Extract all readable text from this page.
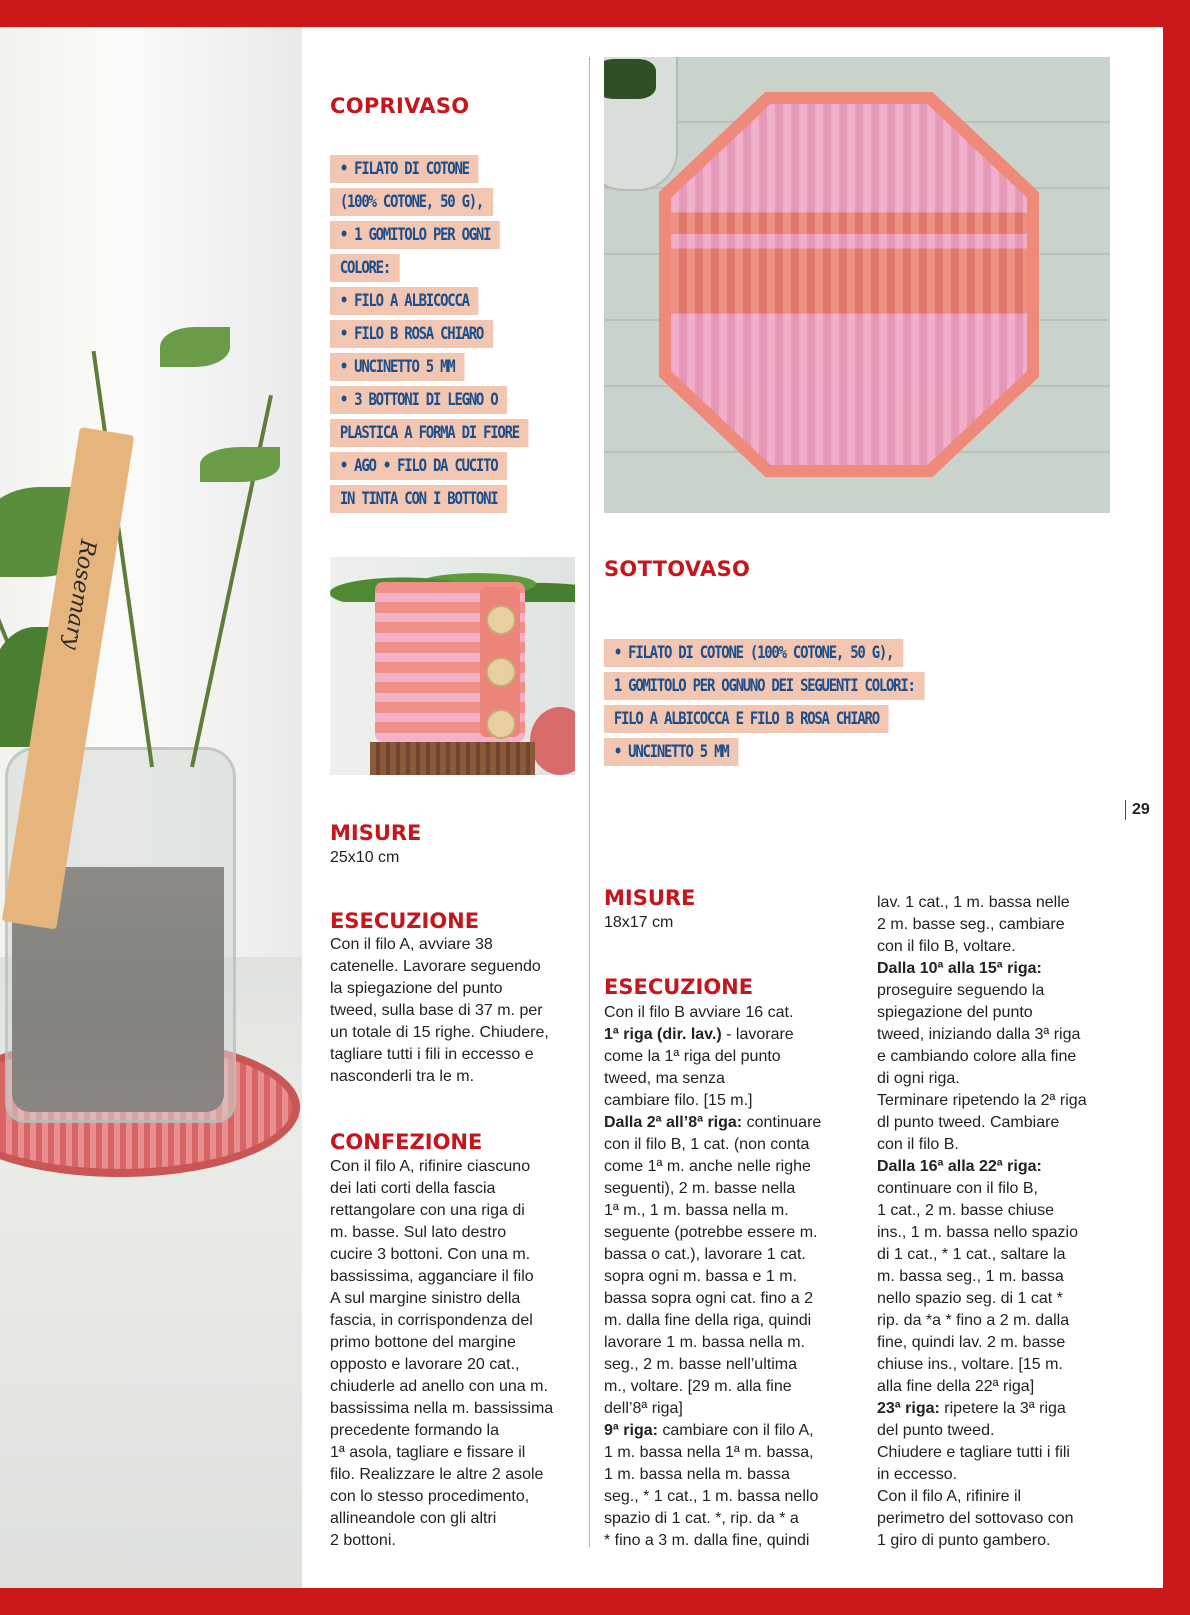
Rosemary
COPRIVASO
• FILATO DI COTONE
(100% COTONE, 50 G),
• 1 GOMITOLO PER OGNI
COLORE:
• FILO A ALBICOCCA
• FILO B ROSA CHIARO
• UNCINETTO 5 MM
• 3 BOTTONI DI LEGNO O
PLASTICA A FORMA DI FIORE
• AGO • FILO DA CUCITO
IN TINTA CON I BOTTONI
MISURE
25x10 cm
ESECUZIONE

Con il filo A, avviare 38

catenelle. Lavorare seguendo

la spiegazione del punto

tweed, sulla base di 37 m. per

un totale di 15 righe. Chiudere,

tagliare tutti i fili in eccesso e

nasconderli tra le m.

CONFEZIONE

Con il filo A, rifinire ciascuno

dei lati corti della fascia

rettangolare con una riga di

m. basse. Sul lato destro

cucire 3 bottoni. Con una m.

bassissima, agganciare il filo

A sul margine sinistro della

fascia, in corrispondenza del

primo bottone del margine

opposto e lavorare 20 cat.,

chiuderle ad anello con una m.

bassissima nella m. bassissima

precedente formando la

1ª asola, tagliare e fissare il

filo. Realizzare le altre 2 asole

con lo stesso procedimento,

allineandole con gli altri

2 bottoni.

SOTTOVASO
• FILATO DI COTONE (100% COTONE, 50 G),
1 GOMITOLO PER OGNUNO DEI SEGUENTI COLORI:
FILO A ALBICOCCA E FILO B ROSA CHIARO
• UNCINETTO 5 MM
MISURE
18x17 cm
ESECUZIONE

Con il filo B avviare 16 cat.

1ª riga (dir. lav.) - lavorare

come la 1ª riga del punto

tweed, ma senza

cambiare filo. [15 m.]

Dalla 2ª all’8ª riga: continuare

con il filo B, 1 cat. (non conta

come 1ª m. anche nelle righe

seguenti), 2 m. basse nella

1ª m., 1 m. bassa nella m.

seguente (potrebbe essere m.

bassa o cat.), lavorare 1 cat.

sopra ogni m. bassa e 1 m.

bassa sopra ogni cat. fino a 2

m. dalla fine della riga, quindi

lavorare 1 m. bassa nella m.

seg., 2 m. basse nell’ultima

m., voltare. [29 m. alla fine

dell’8ª riga]

9ª riga: cambiare con il filo A,

1 m. bassa nella 1ª m. bassa,

1 m. bassa nella m. bassa

seg., * 1 cat., 1 m. bassa nello

spazio di 1 cat. *, rip. da * a

* fino a 3 m. dalla fine, quindi

lav. 1 cat., 1 m. bassa nelle

2 m. basse seg., cambiare

con il filo B, voltare.

Dalla 10ª alla 15ª riga:

proseguire seguendo la

spiegazione del punto

tweed, iniziando dalla 3ª riga

e cambiando colore alla fine

di ogni riga.

Terminare ripetendo la 2ª riga

dl punto tweed. Cambiare

con il filo B.

Dalla 16ª alla 22ª riga:

continuare con il filo B,

1 cat., 2 m. basse chiuse

ins., 1 m. bassa nello spazio

di 1 cat., * 1 cat., saltare la

m. bassa seg., 1 m. bassa

nello spazio seg. di 1 cat *

rip. da *a * fino a 2 m. dalla

fine, quindi lav. 2 m. basse

chiuse ins., voltare. [15 m.

alla fine della 22ª riga]

23ª riga: ripetere la 3ª riga

del punto tweed.

Chiudere e tagliare tutti i fili

in eccesso.

Con il filo A, rifinire il

perimetro del sottovaso con

1 giro di punto gambero.

29
